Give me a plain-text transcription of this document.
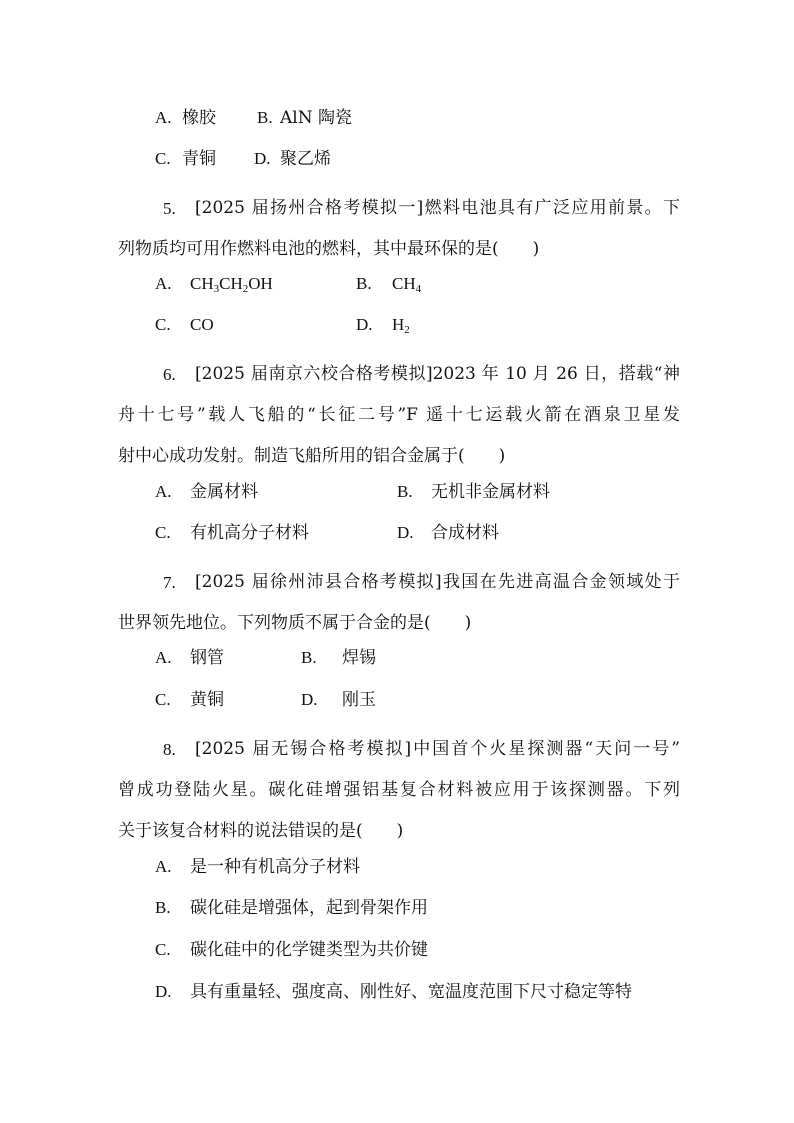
A. 橡胶 B. AlN 陶瓷
C. 青铜 D. 聚乙烯
5. [2025 届扬州合格考模拟一]燃料电池具有广泛应用前景。下
列物质均可用作燃料电池的燃料，其中最环保的是(　　)
A. $CH_3CH_2OH$	B. $CH_4$
C. CO	D. $H_2$
6. [2025 届南京六校合格考模拟]2023 年 10 月 26 日，搭载“神
舟十七号”载人飞船的“长征二号”F 遥十七运载火箭在酒泉卫星发
射中心成功发射。制造飞船所用的铝合金属于(　　)
A. 金属材料	B. 无机非金属材料
C. 有机高分子材料	D. 合成材料
7. [2025 届徐州沛县合格考模拟]我国在先进高温合金领域处于
世界领先地位。下列物质不属于合金的是(　　)
A. 钢管	B. 焊锡
C. 黄铜	D. 刚玉
8. [2025 届无锡合格考模拟]中国首个火星探测器“天问一号”
曾成功登陆火星。碳化硅增强铝基复合材料被应用于该探测器。下列
关于该复合材料的说法错误的是(　　)
A. 是一种有机高分子材料
B. 碳化硅是增强体，起到骨架作用
C. 碳化硅中的化学键类型为共价键
D. 具有重量轻、强度高、刚性好、宽温度范围下尺寸稳定等特
